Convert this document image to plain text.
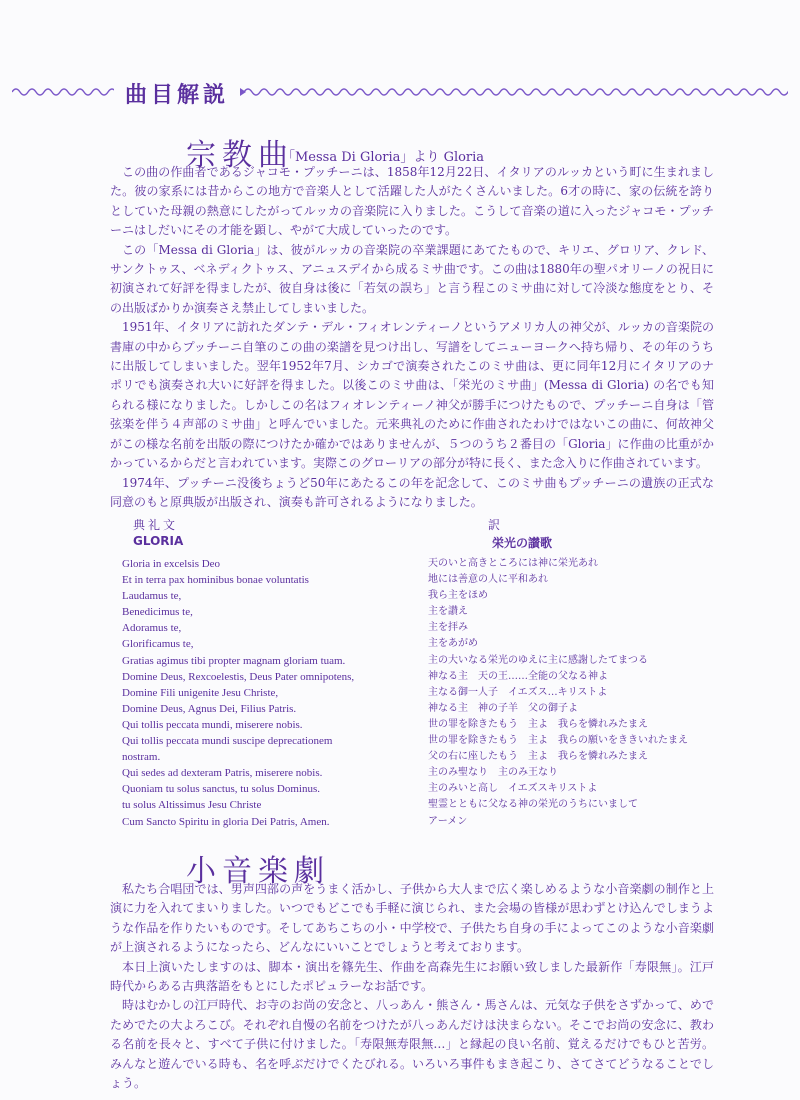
曲目解説
宗教曲
「Messa Di Gloria」より Gloria

この曲の作曲者であるジャコモ・プッチーニは、1858年12月22日、イタリアのルッカという町に生まれました。彼の家系には昔からこの地方で音楽人として活躍した人がたくさんいました。6才の時に、家の伝統を誇りとしていた母親の熱意にしたがってルッカの音楽院に入りました。こうして音楽の道に入ったジャコモ・プッチーニはしだいにその才能を顕し、やがて大成していったのです。

この「Messa di Gloria」は、彼がルッカの音楽院の卒業課題にあてたもので、キリエ、グロリア、クレド、サンクトゥス、ベネディクトゥス、アニュスデイから成るミサ曲です。この曲は1880年の聖パオリーノの祝日に初演されて好評を得ましたが、彼自身は後に「若気の誤ち」と言う程このミサ曲に対して冷淡な態度をとり、その出版ばかりか演奏さえ禁止してしまいました。

1951年、イタリアに訪れたダンテ・デル・フィオレンティーノというアメリカ人の神父が、ルッカの音楽院の書庫の中からプッチーニ自筆のこの曲の楽譜を見つけ出し、写譜をしてニューヨークへ持ち帰り、その年のうちに出版してしまいました。翌年1952年7月、シカゴで演奏されたこのミサ曲は、更に同年12月にイタリアのナポリでも演奏され大いに好評を得ました。以後このミサ曲は、「栄光のミサ曲」(Messa di Gloria) の名でも知られる様になりました。しかしこの名はフィオレンティーノ神父が勝手につけたもので、プッチーニ自身は「管弦楽を伴う４声部のミサ曲」と呼んでいました。元来典礼のために作曲されたわけではないこの曲に、何故神父がこの様な名前を出版の際につけたか確かではありませんが、５つのうち２番目の「Gloria」に作曲の比重がかかっているからだと言われています。実際このグローリアの部分が特に長く、また念入りに作曲されています。

1974年、プッチーニ没後ちょうど50年にあたるこの年を記念して、このミサ曲もプッチーニの遺族の正式な同意のもと原典版が出版され、演奏も許可されるようになりました。

典礼文
GLORIA
訳
栄光の讃歌
Gloria in excelsis Deo
Et in terra pax hominibus bonae voluntatis
Laudamus te,
Benedicimus te,
Adoramus te,
Glorificamus te,
Gratias agimus tibi propter magnam gloriam tuam.
Domine Deus, Rexcoelestis, Deus Pater omnipotens,
Domine Fili unigenite Jesu Christe,
Domine Deus, Agnus Dei, Filius Patris.
Qui tollis peccata mundi, miserere nobis.
Qui tollis peccata mundi suscipe deprecationem
nostram.
Qui sedes ad dexteram Patris, miserere nobis.
Quoniam tu solus sanctus, tu solus Dominus.
tu solus Altissimus Jesu Christe
Cum Sancto Spiritu in gloria Dei Patris, Amen.
天のいと高きところには神に栄光あれ
地には善意の人に平和あれ
我ら主をほめ
主を讃え
主を拝み
主をあがめ
主の大いなる栄光のゆえに主に感謝したてまつる
神なる主　天の王……全能の父なる神よ
主なる御一人子　イエズス…キリストよ
神なる主　神の子羊　父の御子よ
世の罪を除きたもう　主よ　我らを憐れみたまえ
世の罪を除きたもう　主よ　我らの願いをききいれたまえ
父の右に座したもう　主よ　我らを憐れみたまえ
主のみ聖なり　主のみ王なり
主のみいと高し　イエズスキリストよ
聖霊とともに父なる神の栄光のうちにいまして
アーメン
小音楽劇

私たち合唱団では、男声四部の声をうまく活かし、子供から大人まで広く楽しめるような小音楽劇の制作と上演に力を入れてまいりました。いつでもどこでも手軽に演じられ、また会場の皆様が思わずとけ込んでしまうような作品を作りたいものです。そしてあちこちの小・中学校で、子供たち自身の手によってこのような小音楽劇が上演されるようになったら、どんなにいいことでしょうと考えております。

本日上演いたしますのは、脚本・演出を篠先生、作曲を高森先生にお願い致しました最新作「寿限無」。江戸時代からある古典落語をもとにしたポピュラーなお話です。

時はむかしの江戸時代、お寺のお尚の安念と、八っあん・熊さん・馬さんは、元気な子供をさずかって、めでためでたの大よろこび。それぞれ自慢の名前をつけたが八っあんだけは決まらない。そこでお尚の安念に、教わる名前を長々と、すべて子供に付けました。「寿限無寿限無…」と縁起の良い名前、覚えるだけでもひと苦労。みんなと遊んでいる時も、名を呼ぶだけでくたびれる。いろいろ事件もまき起こり、さてさてどうなることでしょう。
